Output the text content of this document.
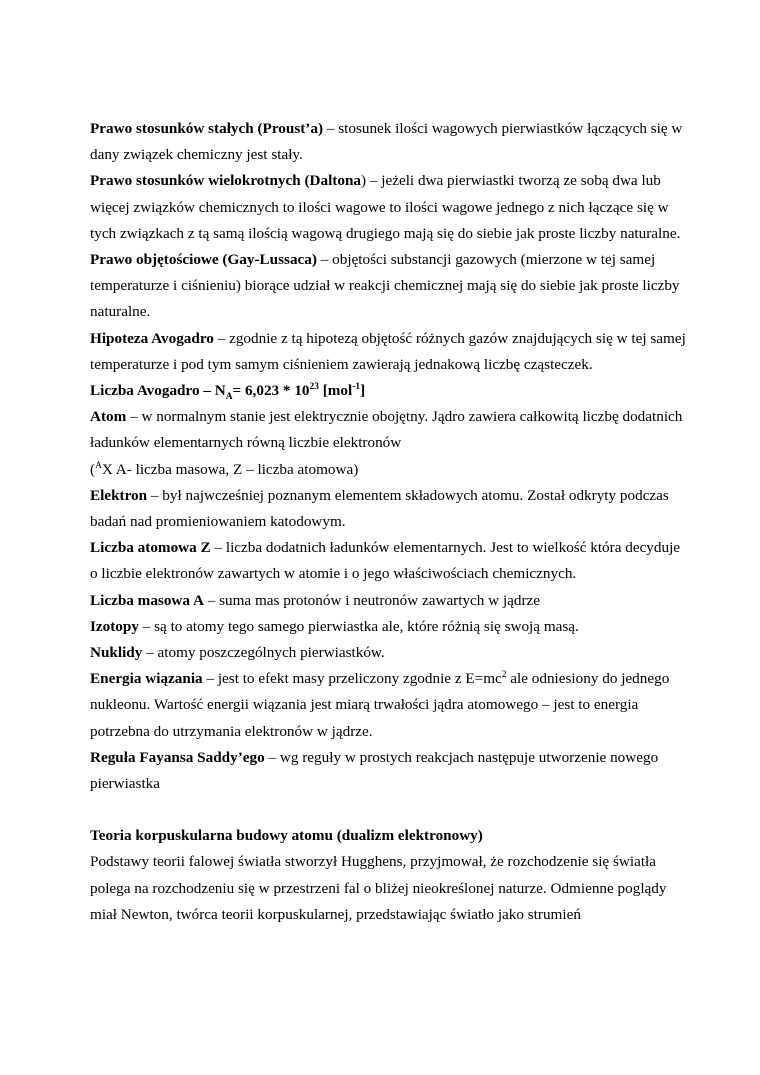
Prawo stosunków stałych (Proust’a) – stosunek ilości wagowych pierwiastków łączących się w dany związek chemiczny jest stały.

Prawo stosunków wielokrotnych (Daltona) – jeżeli dwa pierwiastki tworzą ze sobą dwa lub więcej związków chemicznych to ilości wagowe to ilości wagowe jednego z nich łączące się w tych związkach z tą samą ilością wagową drugiego mają się do siebie jak proste liczby naturalne.

Prawo objętościowe (Gay-Lussaca) – objętości substancji gazowych (mierzone w tej samej temperaturze i ciśnieniu) biorące udział w reakcji chemicznej mają się do siebie jak proste liczby naturalne.

Hipoteza Avogadro – zgodnie z tą hipotezą objętość różnych gazów znajdujących się w tej samej temperaturze i pod tym samym ciśnieniem zawierają jednakową liczbę cząsteczek.

Liczba Avogadro – $N_A= 6,023 * 10^{23}$ [mol$^{-1}$]

Atom – w normalnym stanie jest elektrycznie obojętny. Jądro zawiera całkowitą liczbę dodatnich ładunków elementarnych równą liczbie elektronów

($^A$X A- liczba masowa, Z – liczba atomowa)

Elektron – był najwcześniej poznanym elementem składowych atomu. Został odkryty podczas badań nad promieniowaniem katodowym.

Liczba atomowa Z – liczba dodatnich ładunków elementarnych. Jest to wielkość która decyduje o liczbie elektronów zawartych w atomie i o jego właściwościach chemicznych.

Liczba masowa A – suma mas protonów i neutronów zawartych w jądrze

Izotopy – są to atomy tego samego pierwiastka ale, które różnią się swoją masą.

Nuklidy – atomy poszczególnych pierwiastków.

Energia wiązania – jest to efekt masy przeliczony zgodnie z $E=mc^2$ ale odniesiony do jednego nukleonu. Wartość energii wiązania jest miarą trwałości jądra atomowego – jest to energia potrzebna do utrzymania elektronów w jądrze.

Reguła Fayansa Saddy’ego – wg reguły w prostych reakcjach następuje utworzenie nowego pierwiastka

Teoria korpuskularna budowy atomu (dualizm elektronowy)

Podstawy teorii falowej światła stworzył Hugghens, przyjmował, że rozchodzenie się światła polega na rozchodzeniu się w przestrzeni fal o bliżej nieokreślonej naturze. Odmienne poglądy miał Newton, twórca teorii korpuskularnej, przedstawiając światło jako strumień
